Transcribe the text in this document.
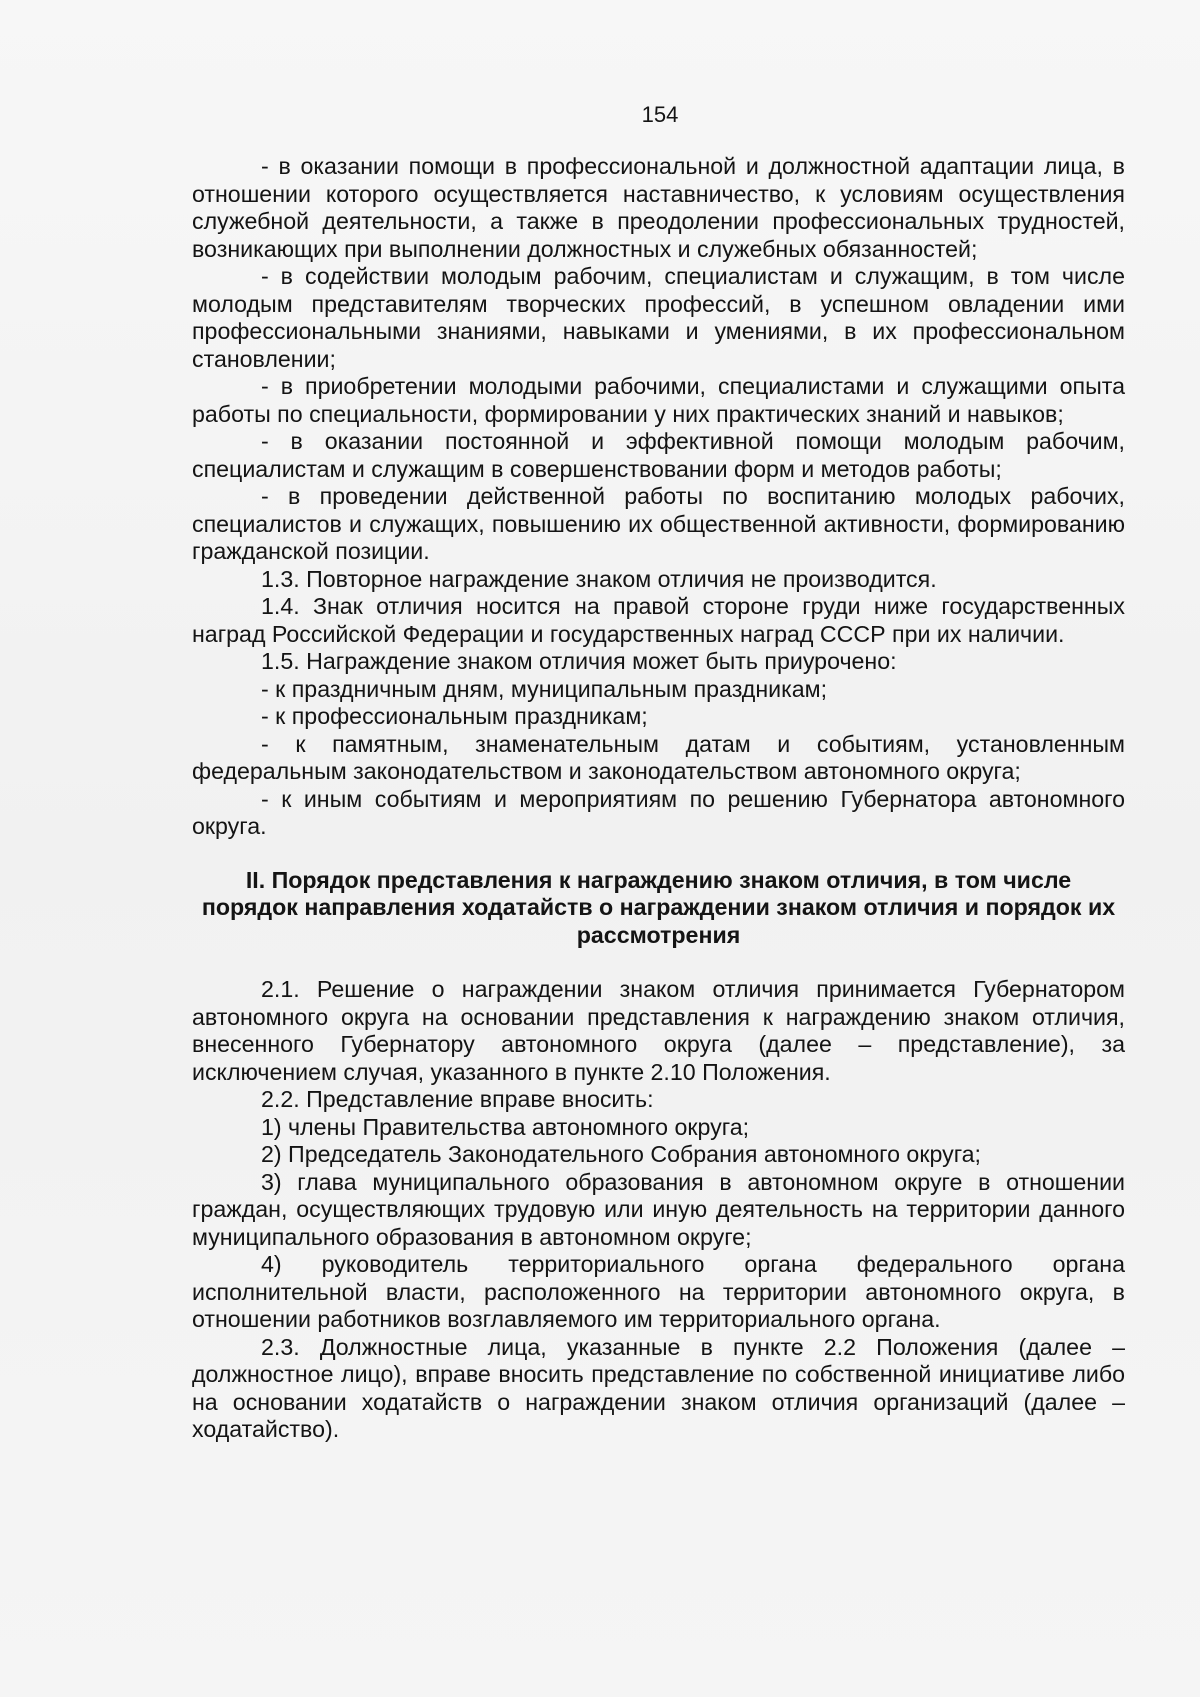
154

- в оказании помощи в профессиональной и должностной адаптации лица, в отношении которого осуществляется наставничество, к условиям осуществления служебной деятельности, а также в преодолении профессиональных трудностей, возникающих при выполнении должностных и служебных обязанностей;

- в содействии молодым рабочим, специалистам и служащим, в том числе молодым представителям творческих профессий, в успешном овладении ими профессиональными знаниями, навыками и умениями, в их профессиональном становлении;

- в приобретении молодыми рабочими, специалистами и служащими опыта работы по специальности, формировании у них практических знаний и навыков;

- в оказании постоянной и эффективной помощи молодым рабочим, специалистам и служащим в совершенствовании форм и методов работы;

- в проведении действенной работы по воспитанию молодых рабочих, специалистов и служащих, повышению их общественной активности, формированию гражданской позиции.

1.3. Повторное награждение знаком отличия не производится.

1.4. Знак отличия носится на правой стороне груди ниже государственных наград Российской Федерации и государственных наград СССР при их наличии.

1.5. Награждение знаком отличия может быть приурочено:

- к праздничным дням, муниципальным праздникам;

- к профессиональным праздникам;

- к памятным, знаменательным датам и событиям, установленным федеральным законодательством и законодательством автономного округа;

- к иным событиям и мероприятиям по решению Губернатора автономного округа.

II. Порядок представления к награждению знаком отличия, в том числе порядок направления ходатайств о награждении знаком отличия и порядок их рассмотрения

2.1. Решение о награждении знаком отличия принимается Губернатором автономного округа на основании представления к награждению знаком отличия, внесенного Губернатору автономного округа (далее – представление), за исключением случая, указанного в пункте 2.10 Положения.

2.2. Представление вправе вносить:

1) члены Правительства автономного округа;

2) Председатель Законодательного Собрания автономного округа;

3) глава муниципального образования в автономном округе в отношении граждан, осуществляющих трудовую или иную деятельность на территории данного муниципального образования в автономном округе;

4) руководитель территориального органа федерального органа исполнительной власти, расположенного на территории автономного округа, в отношении работников возглавляемого им территориального органа.

2.3. Должностные лица, указанные в пункте 2.2 Положения (далее – должностное лицо), вправе вносить представление по собственной инициативе либо на основании ходатайств о награждении знаком отличия организаций (далее – ходатайство).
